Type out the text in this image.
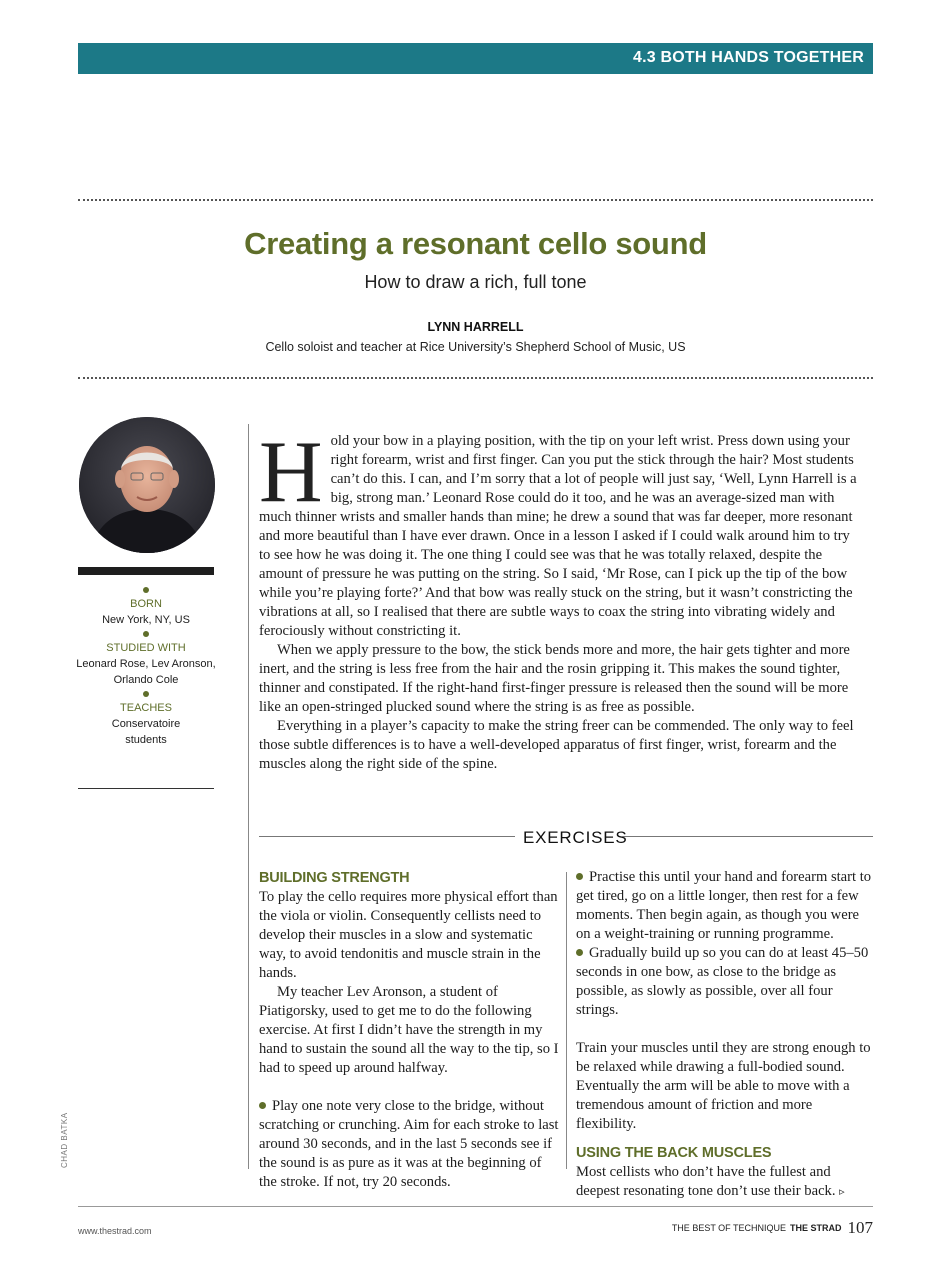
4.3 BOTH HANDS TOGETHER
Creating a resonant cello sound
How to draw a rich, full tone
LYNN HARRELL
Cello soloist and teacher at Rice University’s Shepherd School of Music, US
BORN
New York, NY, US
STUDIED WITH
Leonard Rose, Lev Aronson,
Orlando Cole
TEACHES
Conservatoire
students

Hold your bow in a playing position, with the tip on your left wrist. Press down using your right forearm, wrist and first finger. Can you put the stick through the hair? Most students can’t do this. I can, and I’m sorry that a lot of people will just say, ‘Well, Lynn Harrell is a big, strong man.’ Leonard Rose could do it too, and he was an average-sized man with much thinner wrists and smaller hands than mine; he drew a sound that was far deeper, more resonant and more beautiful than I have ever drawn. Once in a lesson I asked if I could walk around him to try to see how he was doing it. The one thing I could see was that he was totally relaxed, despite the amount of pressure he was putting on the string. So I said, ‘Mr Rose, can I pick up the tip of the bow while you’re playing forte?’ And that bow was really stuck on the string, but it wasn’t constricting the vibrations at all, so I realised that there are subtle ways to coax the string into vibrating widely and ferociously without constricting it.

When we apply pressure to the bow, the stick bends more and more, the hair gets tighter and more inert, and the string is less free from the hair and the rosin gripping it. This makes the sound tighter, thinner and constipated. If the right-hand first-finger pressure is released then the sound will be more like an open-stringed plucked sound where the string is as free as possible.

Everything in a player’s capacity to make the string freer can be commended. The only way to feel those subtle differences is to have a well-developed apparatus of first finger, wrist, forearm and the muscles along the right side of the spine.

EXERCISES
BUILDING STRENGTH

To play the cello requires more physical effort than the viola or violin. Consequently cellists need to develop their muscles in a slow and systematic way, to avoid tendonitis and muscle strain in the hands.

My teacher Lev Aronson, a student of Piatigorsky, used to get me to do the following exercise. At first I didn’t have the strength in my hand to sustain the sound all the way to the tip, so I had to speed up around halfway.

Play one note very close to the bridge, without scratching or crunching. Aim for each stroke to last around 30 seconds, and in the last 5 seconds see if the sound is as pure as it was at the beginning of the stroke. If not, try 20 seconds.

Practise this until your hand and forearm start to get tired, go on a little longer, then rest for a few moments. Then begin again, as though you were on a weight-training or running programme.

Gradually build up so you can do at least 45–50 seconds in one bow, as close to the bridge as possible, as slowly as possible, over all four strings.

Train your muscles until they are strong enough to be relaxed while drawing a full-bodied sound. Eventually the arm will be able to move with a tremendous amount of friction and more flexibility.

USING THE BACK MUSCLES

Most cellists who don’t have the fullest and deepest resonating tone don’t use their back. ▹

CHAD BATKA
www.thestrad.com	THE BEST OF TECHNIQUE THE STRAD 107
